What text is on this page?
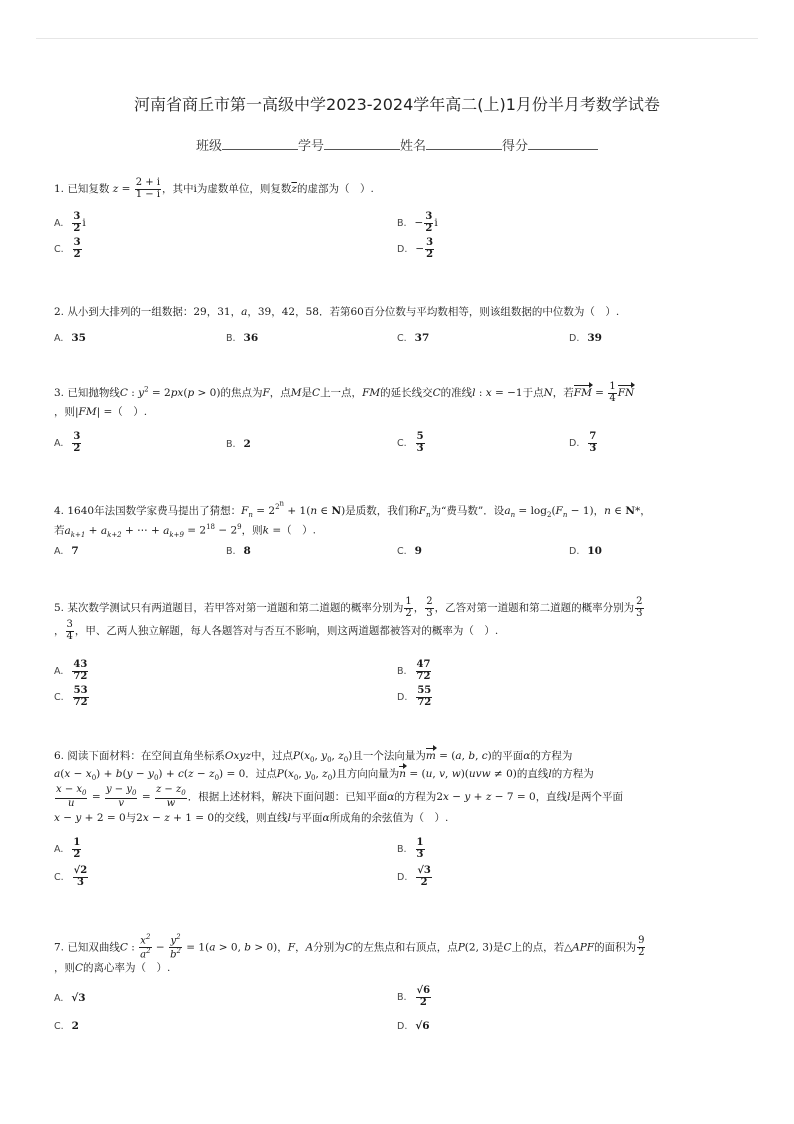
河南省商丘市第一高级中学2023-2024学年高二(上)1月份半月考数学试卷
班级	学号	姓名	得分
1. 已知复数 $z = \frac{2 + i}{1 - i}$ ，其中i为虚数单位，则复数$\overline{z}$的虚部为（　）.
A. $\frac{3}{2}$ i	B. − $\frac{3}{2}$ i
C. $\frac{3}{2}$	D. − $\frac{3}{2}$
2. 从小到大排列的一组数据：29，31，a，39，42，58．若第60百分位数与平均数相等，则该组数据的中位数为（　）.
A. 35	B. 36	C. 37	D. 39
3. 已知抛物线C : $y^2 = 2px(p > 0)$的焦点为F，点M是C上一点，FM的延长线交C的准线l : x = −1于点N，若FM = $\frac{1}{4}$ FN
，则|FM| =（　）.
A. $\frac{3}{2}$	B. 2	C. $\frac{5}{3}$	D. $\frac{7}{3}$
4. 1640年法国数学家费马提出了猜想：$F_n = 2^{2^n} + 1(n$ ∈ N)是质数，我们称$F_n$为“费马数”．设$a_n = \log_2(F_n - 1)$，n ∈ N*，
若$a_{k+1} + a_{k+2}$ + ⋯ + $a_{k+9} = 2^{18} - 2^9$，则k =（　）.
A. 7	B. 8	C. 9	D. 10
5. 某次数学测试只有两道题目，若甲答对第一道题和第二道题的概率分别为 $\frac{1}{2}$ ， $\frac{2}{3}$ ，乙答对第一道题和第二道题的概率分别为 $\frac{2}{3}$
， $\frac{3}{4}$ ，甲、乙两人独立解题，每人各题答对与否互不影响，则这两道题都被答对的概率为（　）.
A. $\frac{43}{72}$	B. $\frac{47}{72}$
C. $\frac{53}{72}$	D. $\frac{55}{72}$
6. 阅读下面材料：在空间直角坐标系Oxyz中，过点$P(x_0$, $y_0$, $z_0$)且一个法向量为m = (a, b, c)的平面α的方程为
$a(x - x_0) + b(y - y_0) + c(z - z_0) = 0$．过点$P(x_0$, $y_0$, $z_0$)且方向向量为n = (u, v, w)(uvw ≠ 0)的直线l的方程为
$\frac{x - x_0}{u} = \frac{y - y_0}{v} = \frac{z - z_0}{w}$ ．根据上述材料，解决下面问题：已知平面α的方程为2x − y + z − 7 = 0，直线l是两个平面
x − y + 2 = 0与2x − z + 1 = 0的交线，则直线l与平面α所成角的余弦值为（　）.
A. $\frac{1}{2}$	B. $\frac{1}{3}$
C. $\frac{√2}{3}$	D. $\frac{√3}{2}$
7. 已知双曲线C : $\frac{x^2}{a^2} - \frac{y^2}{b^2} = 1(a > 0$, b > 0)，F，A分别为C的左焦点和右顶点，点P(2, 3)是C上的点，若△APF的面积为 $\frac{9}{2}$
，则C的离心率为（　）.
A. √3	B. $\frac{√6}{2}$
C. 2	D. √6
